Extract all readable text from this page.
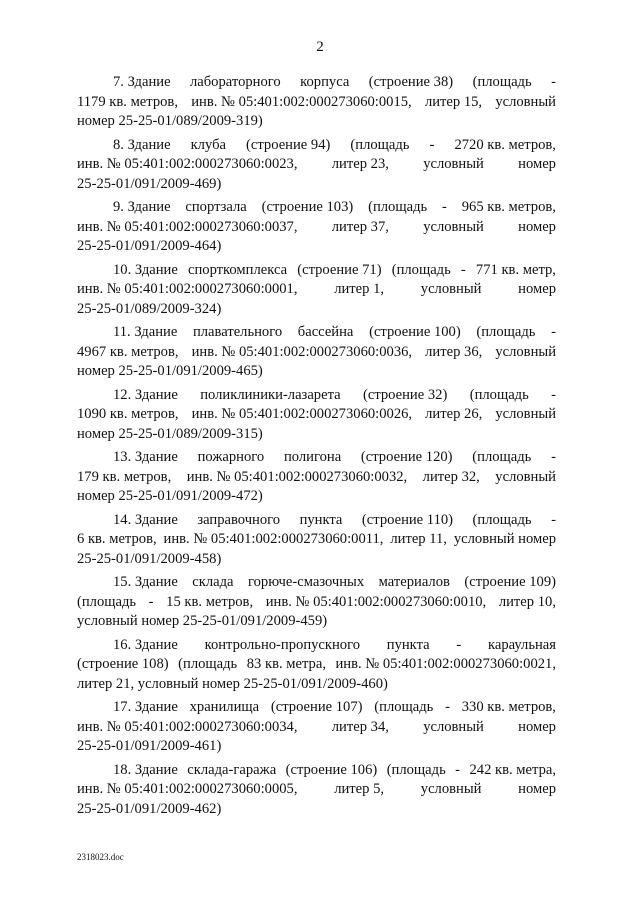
2
7. Здание лабораторного корпуса (строение 38) (площадь -
1179 кв. метров, инв. № 05:401:002:000273060:0015, литер 15, условный
номер 25-25-01/089/2009-319)
8. Здание клуба (строение 94) (площадь - 2720 кв. метров,
инв. № 05:401:002:000273060:0023, литер 23, условный номер
25-25-01/091/2009-469)
9. Здание спортзала (строение 103) (площадь - 965 кв. метров,
инв. № 05:401:002:000273060:0037, литер 37, условный номер
25-25-01/091/2009-464)
10. Здание спорткомплекса (строение 71) (площадь - 771 кв. метр,
инв. № 05:401:002:000273060:0001,	литер 1,	условный	номер
25-25-01/089/2009-324)
11. Здание плавательного бассейна (строение 100) (площадь -
4967 кв. метров, инв. № 05:401:002:000273060:0036, литер 36, условный
номер 25-25-01/091/2009-465)
12. Здание поликлиники-лазарета (строение 32) (площадь -
1090 кв. метров, инв. № 05:401:002:000273060:0026, литер 26, условный
номер 25-25-01/089/2009-315)
13. Здание пожарного полигона (строение 120) (площадь -
179 кв. метров, инв. № 05:401:002:000273060:0032, литер 32, условный
номер 25-25-01/091/2009-472)
14. Здание заправочного пункта (строение 110) (площадь -
6 кв. метров, инв. № 05:401:002:000273060:0011, литер 11, условный номер
25-25-01/091/2009-458)
15. Здание склада горюче-смазочных материалов (строение 109)
(площадь - 15 кв. метров, инв. № 05:401:002:000273060:0010, литер 10,
условный номер 25-25-01/091/2009-459)
16. Здание контрольно-пропускного пункта - караульная
(строение 108) (площадь 83 кв. метра, инв. № 05:401:002:000273060:0021,
литер 21, условный номер 25-25-01/091/2009-460)
17. Здание хранилища (строение 107) (площадь - 330 кв. метров,
инв. № 05:401:002:000273060:0034, литер 34, условный номер
25-25-01/091/2009-461)
18. Здание склада-гаража (строение 106) (площадь - 242 кв. метра,
инв. № 05:401:002:000273060:0005,	литер 5,	условный	номер
25-25-01/091/2009-462)
2318023.doc
